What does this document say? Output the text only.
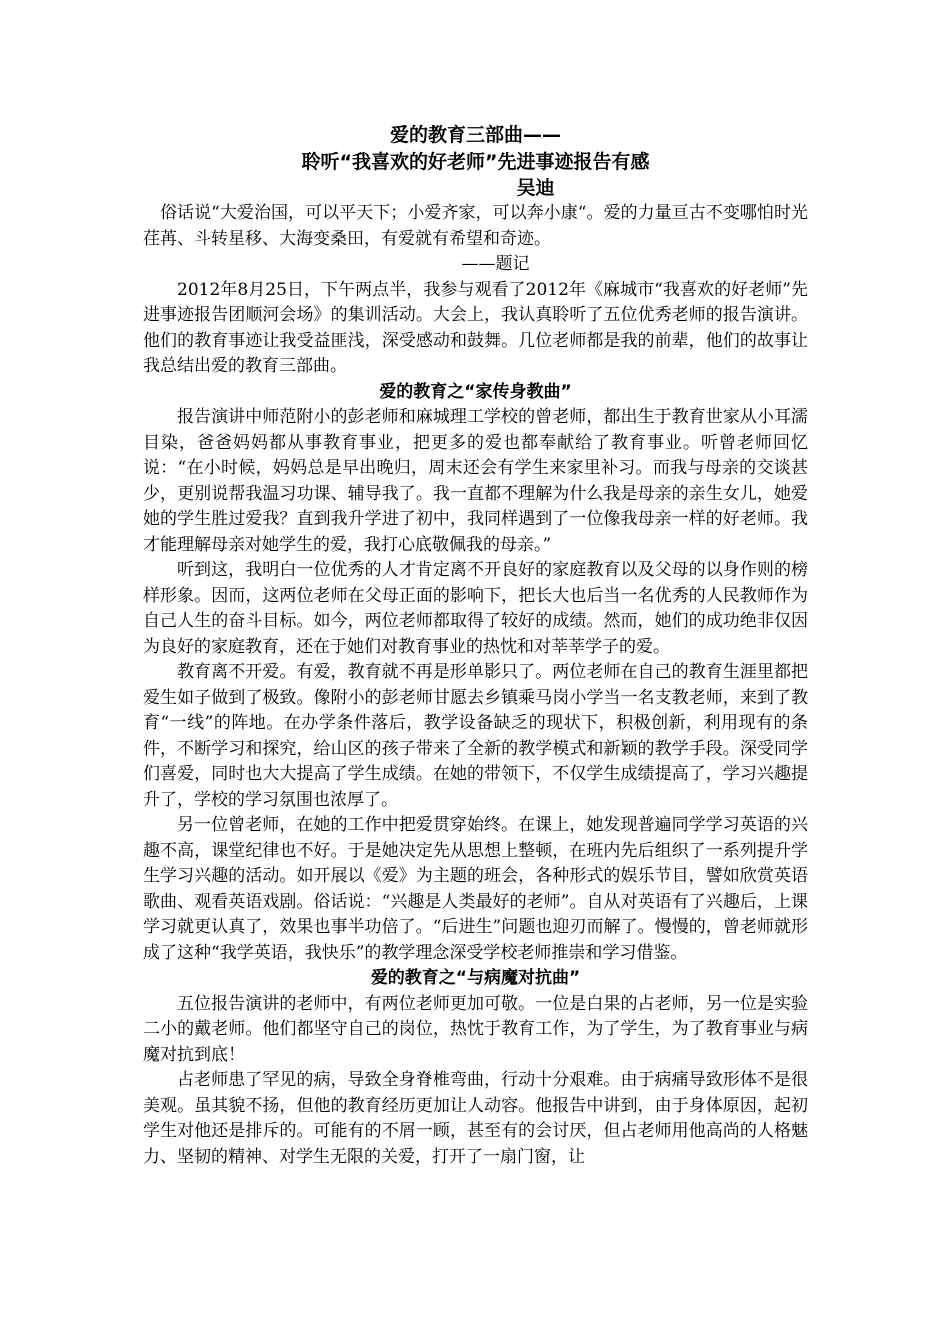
爱的教育三部曲——
聆听“我喜欢的好老师”先进事迹报告有感
吴迪

俗话说“大爱治国，可以平天下；小爱齐家，可以奔小康“。爱的力量亘古不变哪怕时光荏苒、斗转星移、大海变桑田，有爱就有希望和奇迹。

——题记

2012年8月25日，下午两点半，我参与观看了2012年《麻城市“我喜欢的好老师”先进事迹报告团顺河会场》的集训活动。大会上，我认真聆听了五位优秀老师的报告演讲。他们的教育事迹让我受益匪浅，深受感动和鼓舞。几位老师都是我的前辈，他们的故事让我总结出爱的教育三部曲。

爱的教育之“家传身教曲”

报告演讲中师范附小的彭老师和麻城理工学校的曾老师，都出生于教育世家从小耳濡目染，爸爸妈妈都从事教育事业，把更多的爱也都奉献给了教育事业。听曾老师回忆说：“在小时候，妈妈总是早出晚归，周末还会有学生来家里补习。而我与母亲的交谈甚少，更别说帮我温习功课、辅导我了。我一直都不理解为什么我是母亲的亲生女儿，她爱她的学生胜过爱我？直到我升学进了初中，我同样遇到了一位像我母亲一样的好老师。我才能理解母亲对她学生的爱，我打心底敬佩我的母亲。”

听到这，我明白一位优秀的人才肯定离不开良好的家庭教育以及父母的以身作则的榜样形象。因而，这两位老师在父母正面的影响下，把长大也后当一名优秀的人民教师作为自己人生的奋斗目标。如今，两位老师都取得了较好的成绩。然而，她们的成功绝非仅因为良好的家庭教育，还在于她们对教育事业的热忱和对莘莘学子的爱。

教育离不开爱。有爱，教育就不再是形单影只了。两位老师在自己的教育生涯里都把爱生如子做到了极致。像附小的彭老师甘愿去乡镇乘马岗小学当一名支教老师，来到了教育“一线”的阵地。在办学条件落后，教学设备缺乏的现状下，积极创新，利用现有的条件，不断学习和探究，给山区的孩子带来了全新的教学模式和新颖的教学手段。深受同学们喜爱，同时也大大提高了学生成绩。在她的带领下，不仅学生成绩提高了，学习兴趣提升了，学校的学习氛围也浓厚了。

另一位曾老师，在她的工作中把爱贯穿始终。在课上，她发现普遍同学学习英语的兴趣不高，课堂纪律也不好。于是她决定先从思想上整顿，在班内先后组织了一系列提升学生学习兴趣的活动。如开展以《爱》为主题的班会，各种形式的娱乐节目，譬如欣赏英语歌曲、观看英语戏剧。俗话说：“兴趣是人类最好的老师”。自从对英语有了兴趣后，上课学习就更认真了，效果也事半功倍了。“后进生”问题也迎刃而解了。慢慢的，曾老师就形成了这种“我学英语，我快乐”的教学理念深受学校老师推崇和学习借鉴。

爱的教育之“与病魔对抗曲”

五位报告演讲的老师中，有两位老师更加可敬。一位是白果的占老师，另一位是实验二小的戴老师。他们都坚守自己的岗位，热忱于教育工作，为了学生，为了教育事业与病魔对抗到底！

占老师患了罕见的病，导致全身脊椎弯曲，行动十分艰难。由于病痛导致形体不是很美观。虽其貌不扬，但他的教育经历更加让人动容。他报告中讲到，由于身体原因，起初学生对他还是排斥的。可能有的不屑一顾，甚至有的会讨厌，但占老师用他高尚的人格魅力、坚韧的精神、对学生无限的关爱，打开了一扇门窗，让
